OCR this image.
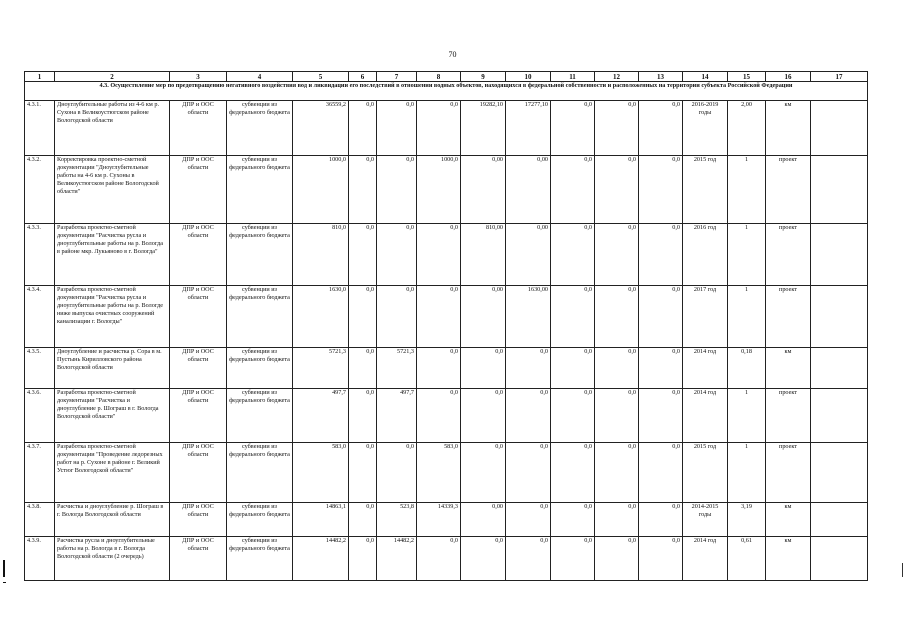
70
1	2	3	4	5	6	7	8	9	10	11	12	13	14	15	16	17
4.3. Осуществление мер по предотвращению негативного воздействия вод и ликвидации его последствий в отношении водных объектов, находящихся в федеральной собственности и расположенных на территории субъекта Российской Федерации																
4.3.1.	Дноуглубительные работы из 4-6 км р. Сухона в Великоустюгском районе Вологодской области	ДПР и ООС области	субвенции из федерального бюджета	36559,2	0,0	0,0	0,0	19282,10	17277,10	0,0	0,0	0,0	2016-2019 годы	2,00	км	
4.3.2.	Корректировка проектно-сметной документации "Дноуглубительные работы на 4-6 км р. Сухоны в Великоустюгском районе Вологодской области"	ДПР и ООС области	субвенции из федерального бюджета	1000,0	0,0	0,0	1000,0	0,00	0,00	0,0	0,0	0,0	2015 год	1	проект	
4.3.3.	Разработка проектно-сметной документации "Расчистка русла и дноуглубительные работы на р. Вологда в районе мкр. Лукьяново в г. Вологда"	ДПР и ООС области	субвенции из федерального бюджета	810,0	0,0	0,0	0,0	810,00	0,00	0,0	0,0	0,0	2016 год	1	проект	
4.3.4.	Разработка проектно-сметной документации "Расчистка русла и дноуглубительные работы на р. Вологде ниже выпуска очистных сооружений канализации г. Вологды"	ДПР и ООС области	субвенции из федерального бюджета	1630,0	0,0	0,0	0,0	0,00	1630,00	0,0	0,0	0,0	2017 год	1	проект	
4.3.5.	Дноуглубление и расчистка р. Сора в м. Пустынь Кирилловского района Вологодской области	ДПР и ООС области	субвенции из федерального бюджета	5721,3	0,0	5721,3	0,0	0,0	0,0	0,0	0,0	0,0	2014 год	0,18	км	
4.3.6.	Разработка проектно-сметной документации "Расчистка и дноуглубление р. Шограш в г. Вологда Вологодской области"	ДПР и ООС области	субвенции из федерального бюджета	497,7	0,0	497,7	0,0	0,0	0,0	0,0	0,0	0,0	2014 год	1	проект	
4.3.7.	Разработка проектно-сметной документации "Проведение ледорезных работ на р. Сухоне в районе г. Великий Устюг Вологодской области"	ДПР и ООС области	субвенции из федерального бюджета	583,0	0,0	0,0	583,0	0,0	0,0	0,0	0,0	0,0	2015 год	1	проект	
4.3.8.	Расчистка и дноуглубление р. Шограш в г. Вологда Вологодской области	ДПР и ООС области	субвенции из федерального бюджета	14863,1	0,0	523,8	14339,3	0,00	0,0	0,0	0,0	0,0	2014-2015 годы	3,19	км	
4.3.9.	Расчистка русла и дноуглубительные работы на р. Вологда в г. Вологда Вологодской области (2 очередь)	ДПР и ООС области	субвенции из федерального бюджета	14482,2	0,0	14482,2	0,0	0,0	0,0	0,0	0,0	0,0	2014 год	0,61	км	
